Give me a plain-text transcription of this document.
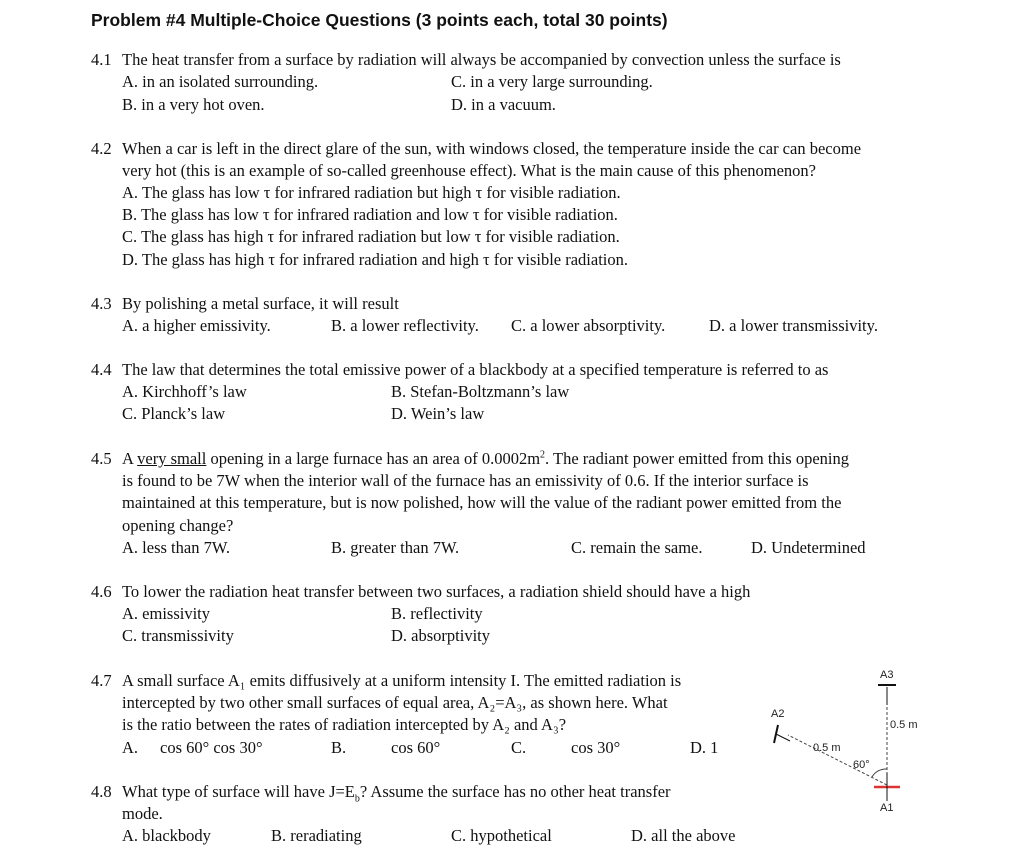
Problem #4 Multiple-Choice Questions (3 points each, total 30 points)
4.1 The heat transfer from a surface by radiation will always be accompanied by convection unless the surface is
A. in an isolated surrounding.	C. in a very large surrounding.
B. in a very hot oven.	D. in a vacuum.
4.2 When a car is left in the direct glare of the sun, with windows closed, the temperature inside the car can become
very hot (this is an example of so-called greenhouse effect). What is the main cause of this phenomenon?
A. The glass has low τ for infrared radiation but high τ for visible radiation.
B. The glass has low τ for infrared radiation and low τ for visible radiation.
C. The glass has high τ for infrared radiation but low τ for visible radiation.
D. The glass has high τ for infrared radiation and high τ for visible radiation.
4.3 By polishing a metal surface, it will result
A. a higher emissivity.	B. a lower reflectivity. C. a lower absorptivity.	D. a lower transmissivity.
4.4 The law that determines the total emissive power of a blackbody at a specified temperature is referred to as
A. Kirchhoff’s law	B. Stefan-Boltzmann’s law
C. Planck’s law	D. Wein’s law
4.5 A very small opening in a large furnace has an area of $0.0002m^2$. The radiant power emitted from this opening
is found to be 7W when the interior wall of the furnace has an emissivity of 0.6. If the interior surface is
maintained at this temperature, but is now polished, how will the value of the radiant power emitted from the
opening change?
A. less than 7W.	B. greater than 7W.	C. remain the same.	D. Undetermined
4.6 To lower the radiation heat transfer between two surfaces, a radiation shield should have a high
A. emissivity	B. reflectivity
C. transmissivity	D. absorptivity
4.7 A small surface A₁ emits diffusively at a uniform intensity I. The emitted radiation is
intercepted by two other small surfaces of equal area, A₂=A₃, as shown here. What
is the ratio between the rates of radiation intercepted by A₂ and A₃?
A. cos 60° cos 30°	B.	cos 60°	C.	cos 30°	D. 1
4.8 What type of surface will have $J=E_b$? Assume the surface has no other heat transfer
mode.
A. blackbody	B. reradiating	C. hypothetical	D. all the above
A3
A2
A1
0.5 m
0.5 m
60°
